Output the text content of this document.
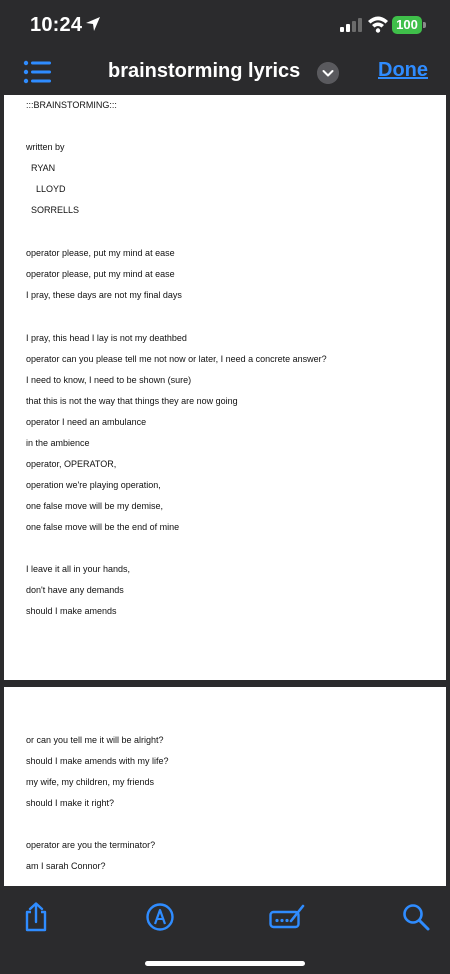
10:24	100
brainstorming lyrics	Done
:::BRAINSTORMING:::
written by
RYAN
LLOYD
SORRELLS
operator please, put my mind at ease
operator please, put my mind at ease
I pray, these days are not my final days
I pray, this head I lay is not my deathbed
operator can you please tell me not now or later, I need a concrete answer?
I need to know, I need to be shown (sure)
that this is not the way that things they are now going
operator I need an ambulance
in the ambience
operator, OPERATOR,
operation we're playing operation,
one false move will be my demise,
one false move will be the end of mine
I leave it all in your hands,
don't have any demands
should I make amends
or can you tell me it will be alright?
should I make amends with my life?
my wife, my children, my friends
should I make it right?
operator are you the terminator?
am I sarah Connor?
